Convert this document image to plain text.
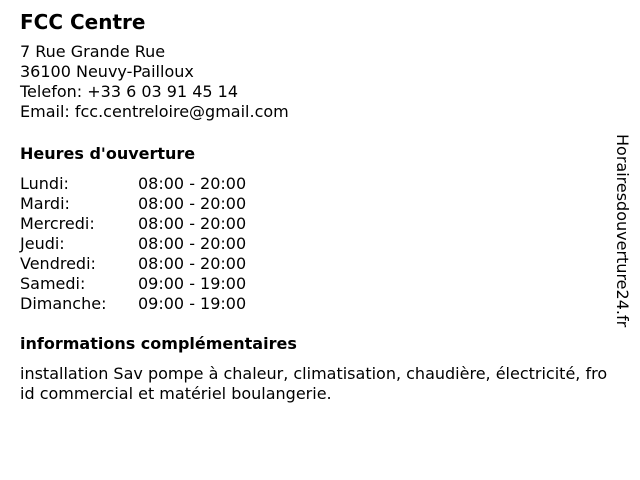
FCC Centre
7 Rue Grande Rue
36100 Neuvy-Pailloux
Telefon: +33 6 03 91 45 14
Email: fcc.centreloire@gmail.com
Heures d'ouverture
Lundi:	08:00 - 20:00
Mardi:	08:00 - 20:00
Mercredi:	08:00 - 20:00
Jeudi:	08:00 - 20:00
Vendredi:	08:00 - 20:00
Samedi:	09:00 - 19:00
Dimanche:	09:00 - 19:00
informations complémentaires
installation Sav pompe à chaleur, climatisation, chaudière, électricité, froid commercial et matériel boulangerie.
Horairesdouverture24.fr
